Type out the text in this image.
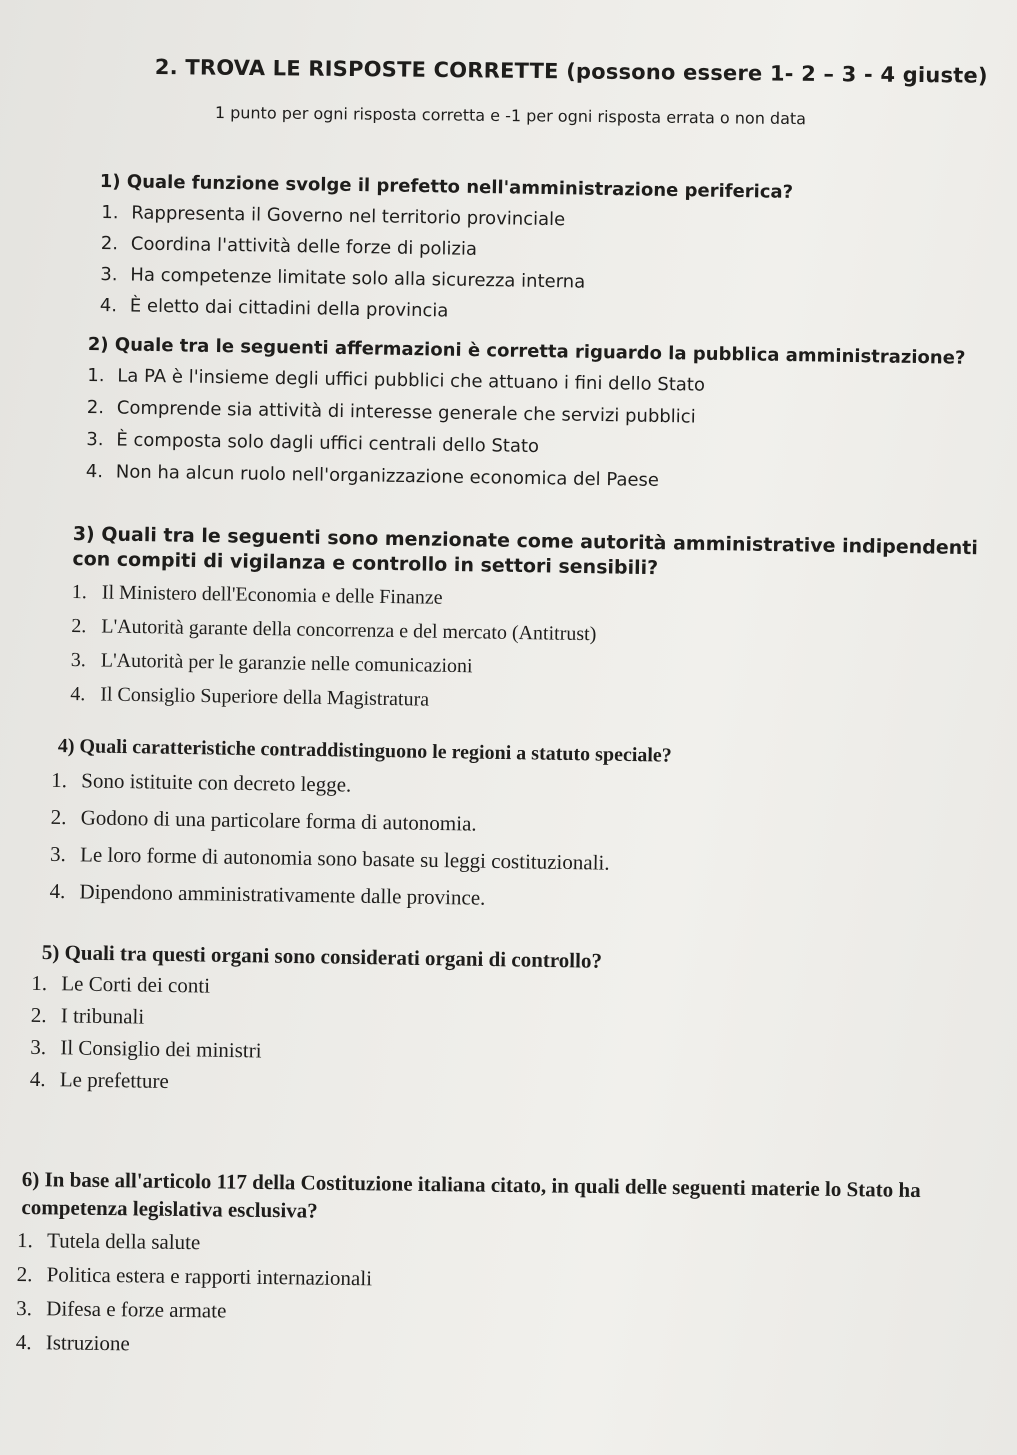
2. TROVA LE RISPOSTE CORRETTE (possono essere 1- 2 – 3 - 4 giuste)
1 punto per ogni risposta corretta e -1 per ogni risposta errata o non data
1) Quale funzione svolge il prefetto nell'amministrazione periferica?
1. Rappresenta il Governo nel territorio provinciale
2. Coordina l'attività delle forze di polizia
3. Ha competenze limitate solo alla sicurezza interna
4. È eletto dai cittadini della provincia
2) Quale tra le seguenti affermazioni è corretta riguardo la pubblica amministrazione?
1. La PA è l'insieme degli uffici pubblici che attuano i fini dello Stato
2. Comprende sia attività di interesse generale che servizi pubblici
3. È composta solo dagli uffici centrali dello Stato
4. Non ha alcun ruolo nell'organizzazione economica del Paese
3) Quali tra le seguenti sono menzionate come autorità amministrative indipendenti con compiti di vigilanza e controllo in settori sensibili?
1. Il Ministero dell'Economia e delle Finanze
2. L'Autorità garante della concorrenza e del mercato (Antitrust)
3. L'Autorità per le garanzie nelle comunicazioni
4. Il Consiglio Superiore della Magistratura
4) Quali caratteristiche contraddistinguono le regioni a statuto speciale?
1. Sono istituite con decreto legge.
2. Godono di una particolare forma di autonomia.
3. Le loro forme di autonomia sono basate su leggi costituzionali.
4. Dipendono amministrativamente dalle province.
5) Quali tra questi organi sono considerati organi di controllo?
1. Le Corti dei conti
2. I tribunali
3. Il Consiglio dei ministri
4. Le prefetture
6) In base all'articolo 117 della Costituzione italiana citato, in quali delle seguenti materie lo Stato ha competenza legislativa esclusiva?
1. Tutela della salute
2. Politica estera e rapporti internazionali
3. Difesa e forze armate
4. Istruzione
